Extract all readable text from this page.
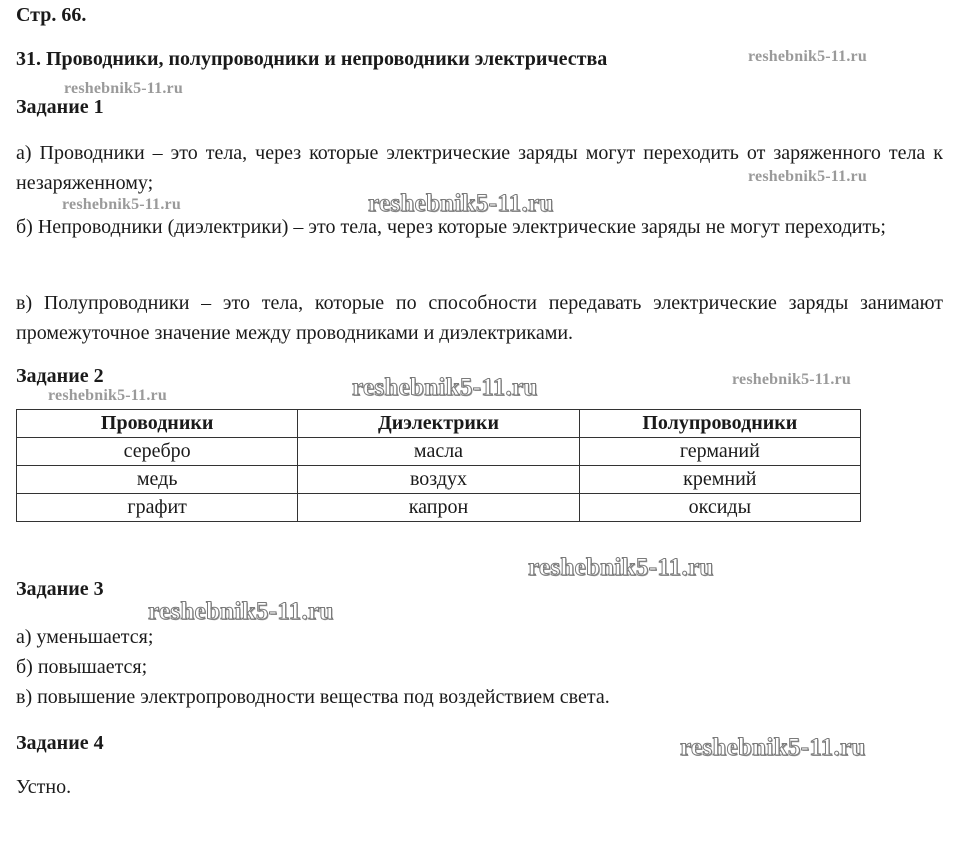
Стр. 66.
31. Проводники, полупроводники и непроводники электричества
Задание 1
а) Проводники – это тела, через которые электрические заряды могут переходить от заряженного тела к незаряженному;
б) Непроводники (диэлектрики) – это тела, через которые электрические заряды не могут переходить;
в) Полупроводники – это тела, которые по способности передавать электрические заряды занимают промежуточное значение между проводниками и диэлектриками.
Задание 2
Проводники	Диэлектрики	Полупроводники
серебро	масла	германий
медь	воздух	кремний
графит	капрон	оксиды
Задание 3
а) уменьшается;
б) повышается;
в) повышение электропроводности вещества под воздействием света.
Задание 4
Устно.
reshebnik5-11.ru
reshebnik5-11.ru
reshebnik5-11.ru
reshebnik5-11.ru	reshebnik5-11.ru
reshebnik5-11.ru	reshebnik5-11.ru	reshebnik5-11.ru
reshebnik5-11.ru
reshebnik5-11.ru
reshebnik5-11.ru
